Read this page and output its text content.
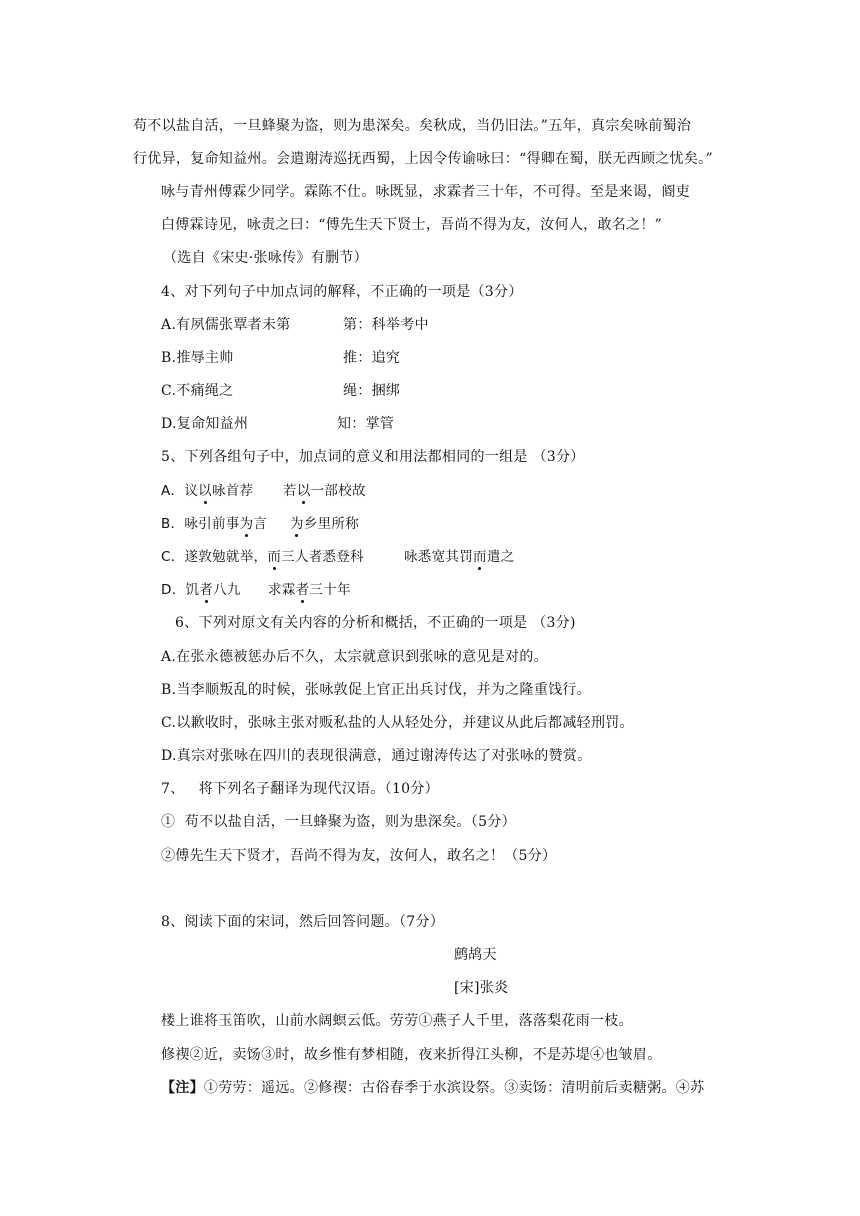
苟不以盐自活，一旦蜂聚为盗，则为患深矣。矣秋成，当仍旧法。”五年，真宗矣咏前蜀治
行优异，复命知益州。会遣谢涛巡抚西蜀，上因令传谕咏曰：“得卿在蜀，朕无西顾之忧矣。”
咏与青州傅霖少同学。霖陈不仕。咏既显，求霖者三十年，不可得。至是来谒，阍吏
白傅霖诗见，咏责之曰：“傅先生天下贤士，吾尚不得为友，汝何人，敢名之！”
（选自《宋史·张咏传》有删节）
4、对下列句子中加点词的解释，不正确的一项是（3分）
A.有夙儒张覃者未第	第：科举考中
B.推辱主帅	推：追究
C.不痛绳之	绳：捆绑
D.复命知益州	知：掌管
5、下列各组句子中，加点词的意义和用法都相同的一组是 （3分）
A．议以咏首荐 若以一部校故
B．咏引前事为言 为乡里所称
C．遂敦勉就举，而三人者悉登科	咏悉宽其罚而遣之
D．饥者八九 求霖者三十年
6、下列对原文有关内容的分析和概括，不正确的一项是 （3分)
A.在张永德被惩办后不久，太宗就意识到张咏的意见是对的。
B.当李顺叛乱的时候，张咏敦促上官正出兵讨伐，并为之隆重饯行。
C.以歉收时，张咏主张对贩私盐的人从轻处分，并建议从此后都减轻刑罚。
D.真宗对张咏在四川的表现很满意，通过谢涛传达了对张咏的赞赏。
7、   将下列名子翻译为现代汉语。（10分）
①  苟不以盐自活，一旦蜂聚为盗，则为患深矣。（5分）
②傅先生天下贤才，吾尚不得为友，汝何人，敢名之！（5分）
8、阅读下面的宋词，然后回答问题。（7分）
鹧鸪天
[宋]张炎
楼上谁将玉笛吹，山前水阔螟云低。劳劳①燕子人千里，落落梨花雨一枝。
修禊②近，卖饧③时，故乡惟有梦相随，夜来折得江头柳，不是苏堤④也皱眉。
【注】①劳劳：遥远。②修禊：古俗春季于水滨设祭。③卖饧：清明前后卖糖粥。④苏
